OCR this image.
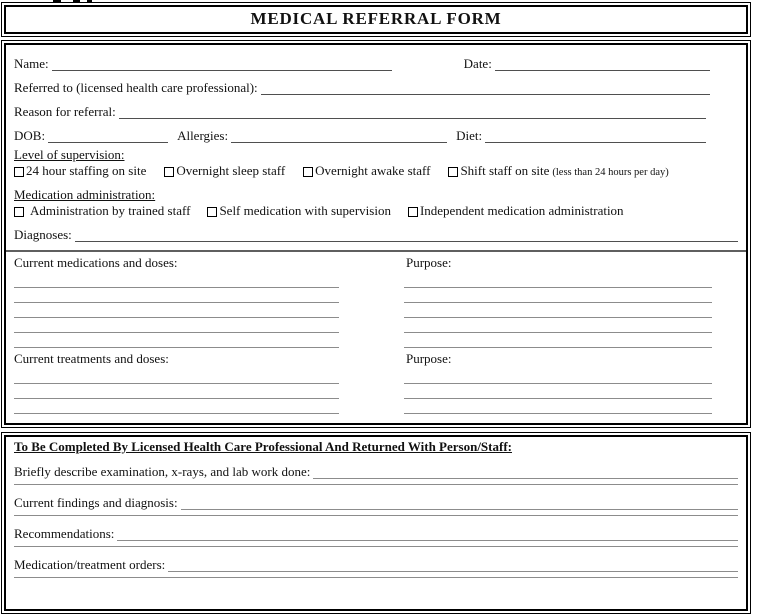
MEDICAL REFERRAL FORM
Name:	Date:
Referred to (licensed health care professional):
Reason for referral:
DOB:	Allergies:	Diet:
Level of supervision:
24 hour staffing on site Overnight sleep staff Overnight awake staff Shift staff on site (less than 24 hours per day)
Medication administration:
Administration by trained staff Self medication with supervision Independent medication administration
Diagnoses:
Current medications and doses:	Purpose:
Current treatments and doses:	Purpose:
To Be Completed By Licensed Health Care Professional And Returned With Person/Staff:
Briefly describe examination, x-rays, and lab work done:
Current findings and diagnosis:
Recommendations:
Medication/treatment orders:
